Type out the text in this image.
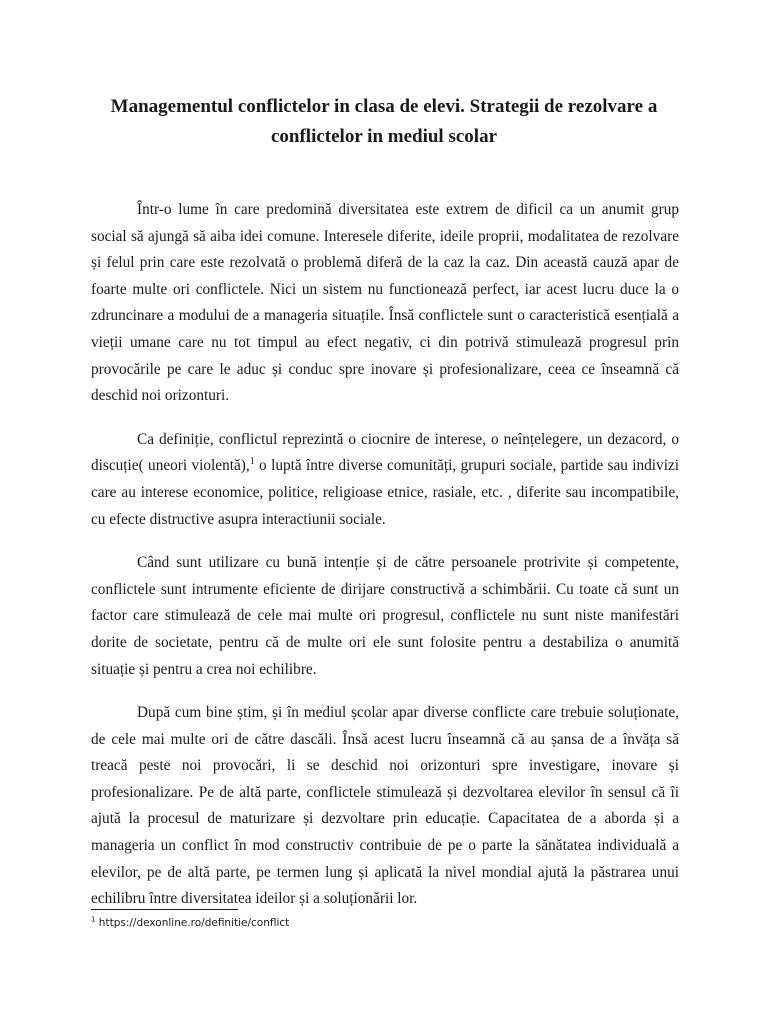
Managementul conflictelor in clasa de elevi. Strategii de rezolvare a conflictelor in mediul scolar

Într-o lume în care predomină diversitatea este extrem de dificil ca un anumit grup social să ajungă să aiba idei comune. Interesele diferite, ideile proprii, modalitatea de rezolvare și felul prin care este rezolvată o problemă diferă de la caz la caz. Din această cauză apar de foarte multe ori conflictele. Nici un sistem nu functionează perfect, iar acest lucru duce la o zdruncinare a modului de a manageria situațile. Însă conflictele sunt o caracteristică esențială a vieții umane care nu tot timpul au efect negativ, ci din potrivă stimulează progresul prin provocările pe care le aduc și conduc spre inovare și profesionalizare, ceea ce înseamnă că deschid noi orizonturi.

Ca definiție, conflictul reprezintă o ciocnire de interese, o neînțelegere, un dezacord, o discuție( uneori violentă),$^1$ o luptă între diverse comunități, grupuri sociale, partide sau indivizi care au interese economice, politice, religioase etnice, rasiale, etc. , diferite sau incompatibile, cu efecte distructive asupra interactiunii sociale.

Când sunt utilizare cu bună intenție și de către persoanele protrivite și competente, conflictele sunt intrumente eficiente de dirijare constructivă a schimbării. Cu toate că sunt un factor care stimulează de cele mai multe ori progresul, conflictele nu sunt niste manifestări dorite de societate, pentru că de multe ori ele sunt folosite pentru a destabiliza o anumită situație și pentru a crea noi echilibre.

După cum bine știm, și în mediul școlar apar diverse conflicte care trebuie soluționate, de cele mai multe ori de către dascăli. Însă acest lucru înseamnă că au șansa de a învăța să treacă peste noi provocări, li se deschid noi orizonturi spre investigare, inovare și profesionalizare. Pe de altă parte, conflictele stimulează și dezvoltarea elevilor în sensul că îi ajută la procesul de maturizare și dezvoltare prin educație. Capacitatea de a aborda și a manageria un conflict în mod constructiv contribuie de pe o parte la sănătatea individuală a elevilor, pe de altă parte, pe termen lung și aplicată la nivel mondial ajută la păstrarea unui echilibru între diversitatea ideilor și a soluționării lor.

$^1$ https://dexonline.ro/definitie/conflict
